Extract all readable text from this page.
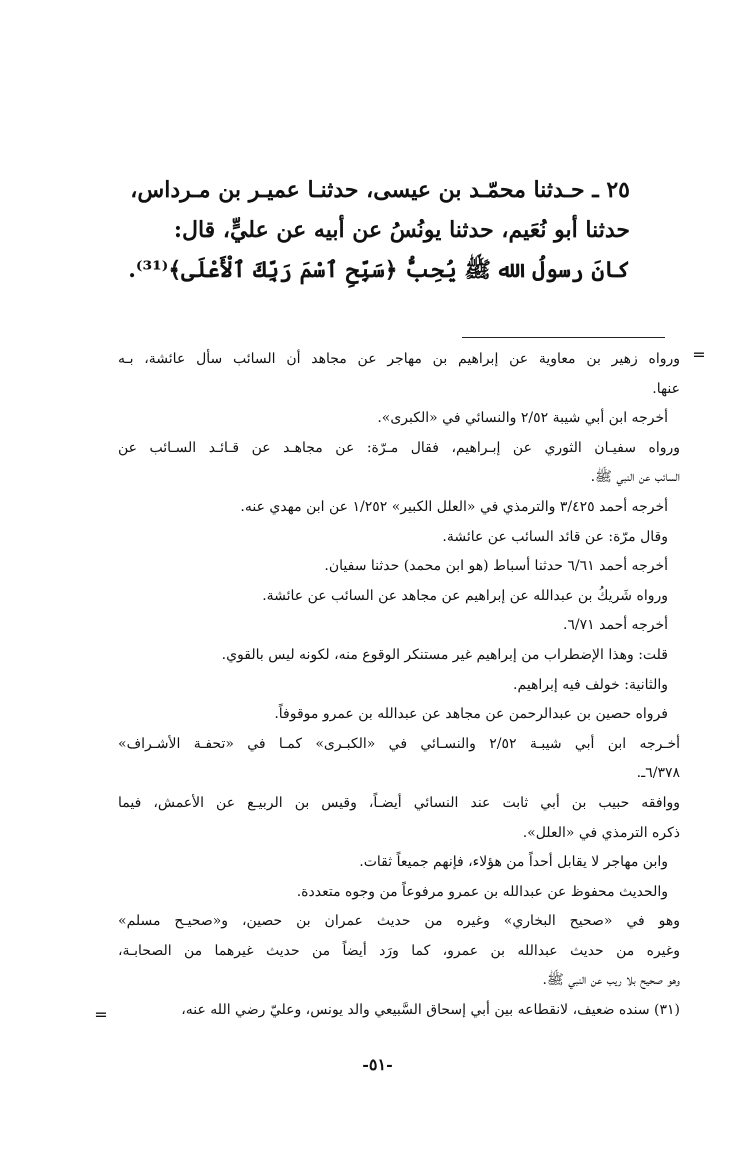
٢٥ ـ حـدثنا محمّـد بن عيسى، حدثنـا عميـر بن مـرداس،

حدثنا أبو نُعَيم، حدثنا يونُسُ عن أبيه عن عليٍّ، قال:

كانَ رسولُ الله ﷺ يُحِبُّ ﴿سَبِّحِ ٱسْمَ رَبِّكَ ٱلْأَعْلَى﴾⁽³¹⁾.

=

ورواه زهير بن معاوية عن إبراهيم بن مهاجر عن مجاهد أن السائب سأل عائشة، بـه

عنها.

أخرجه ابن أبي شيبة ٢/٥٢ والنسائي في «الكبرى».

ورواه سفيـان الثوري عن إبـراهيم، فقال مـرّة: عن مجاهـد عن قـائـد السـائب عن

السائب عن النبي ﷺ.

أخرجه أحمد ٣/٤٢٥ والترمذي في «العلل الكبير» ١/٢٥٢ عن ابن مهدي عنه.

وقال مرّة: عن قائد السائب عن عائشة.

أخرجه أحمد ٦/٦١ حدثنا أسباط (هو ابن محمد) حدثنا سفيان.

ورواه شَريكُ بن عبدالله عن إبراهيم عن مجاهد عن السائب عن عائشة.

أخرجه أحمد ٦/٧١.

قلت: وهذا الإضطراب من إبراهيم غير مستنكر الوقوع منه، لكونه ليس بالقوي.

والثانية: خولف فيه إبراهيم.

فرواه حصين بن عبدالرحمن عن مجاهد عن عبدالله بن عمرو موقوفاً.

أخـرجه ابن أبي شيبـة ٢/٥٢ والنسـائي في «الكبـرى» كمـا في «تحفـة الأشـراف»

٦/٣٧٨ـ.

ووافقه حبيب بن أبي ثابت عند النسائي أيضـاً، وقيس بن الربيـع عن الأعمش، فيما

ذكره الترمذي في «العلل».

وابن مهاجر لا يقابل أحداً من هؤلاء، فإنهم جميعاً ثقات.

والحديث محفوظ عن عبدالله بن عمرو مرفوعاً من وجوه متعددة.

وهو في «صحيح البخاري» وغيره من حديث عمران بن حصين، و«صحيـح مسلم»

وغيره من حديث عبدالله بن عمرو، كما ورَد أيضاً من حديث غيرهما من الصحابـة،

وهو صحيح بلا ريب عن النبي ﷺ.

(٣١) سنده ضعيف، لانقطاعه بين أبي إسحاق السَّبيعي والد يونس، وعليّ رضي الله عنه،

=
-٥١-
